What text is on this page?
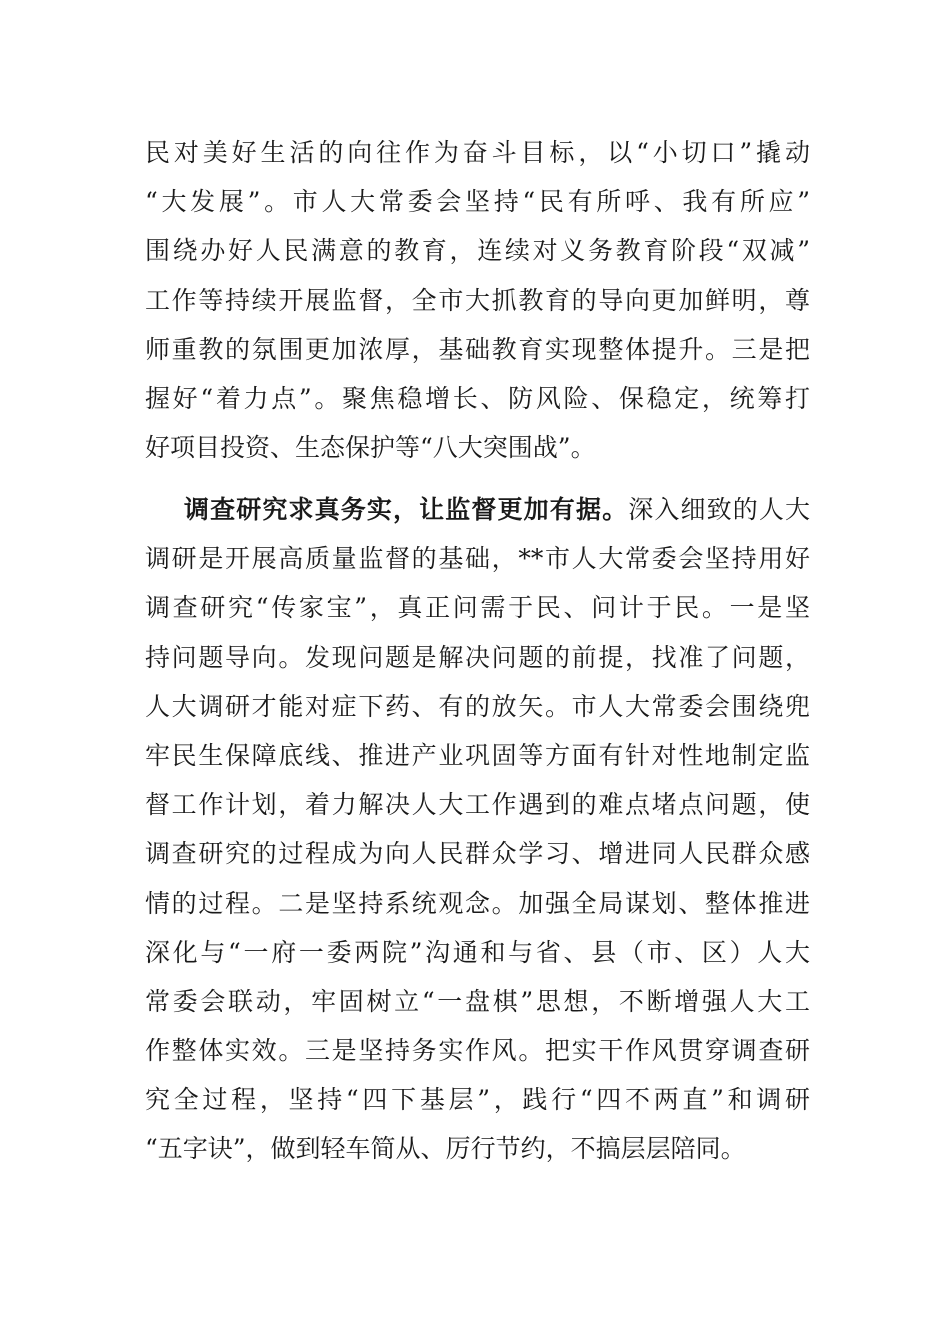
民对美好生活的向往作为奋斗目标，以“小切口”撬动
“大发展”。市人大常委会坚持“民有所呼、我有所应”
围绕办好人民满意的教育，连续对义务教育阶段“双减”
工作等持续开展监督，全市大抓教育的导向更加鲜明，尊
师重教的氛围更加浓厚，基础教育实现整体提升。三是把
握好“着力点”。聚焦稳增长、防风险、保稳定，统筹打
好项目投资、生态保护等“八大突围战”。
调查研究求真务实，让监督更加有据。深入细致的人大
调研是开展高质量监督的基础，**市人大常委会坚持用好
调查研究“传家宝”，真正问需于民、问计于民。一是坚
持问题导向。发现问题是解决问题的前提，找准了问题，
人大调研才能对症下药、有的放矢。市人大常委会围绕兜
牢民生保障底线、推进产业巩固等方面有针对性地制定监
督工作计划，着力解决人大工作遇到的难点堵点问题，使
调查研究的过程成为向人民群众学习、增进同人民群众感
情的过程。二是坚持系统观念。加强全局谋划、整体推进
深化与“一府一委两院”沟通和与省、县（市、区）人大
常委会联动，牢固树立“一盘棋”思想，不断增强人大工
作整体实效。三是坚持务实作风。把实干作风贯穿调查研
究全过程，坚持“四下基层”，践行“四不两直”和调研
“五字诀”，做到轻车简从、厉行节约，不搞层层陪同。
